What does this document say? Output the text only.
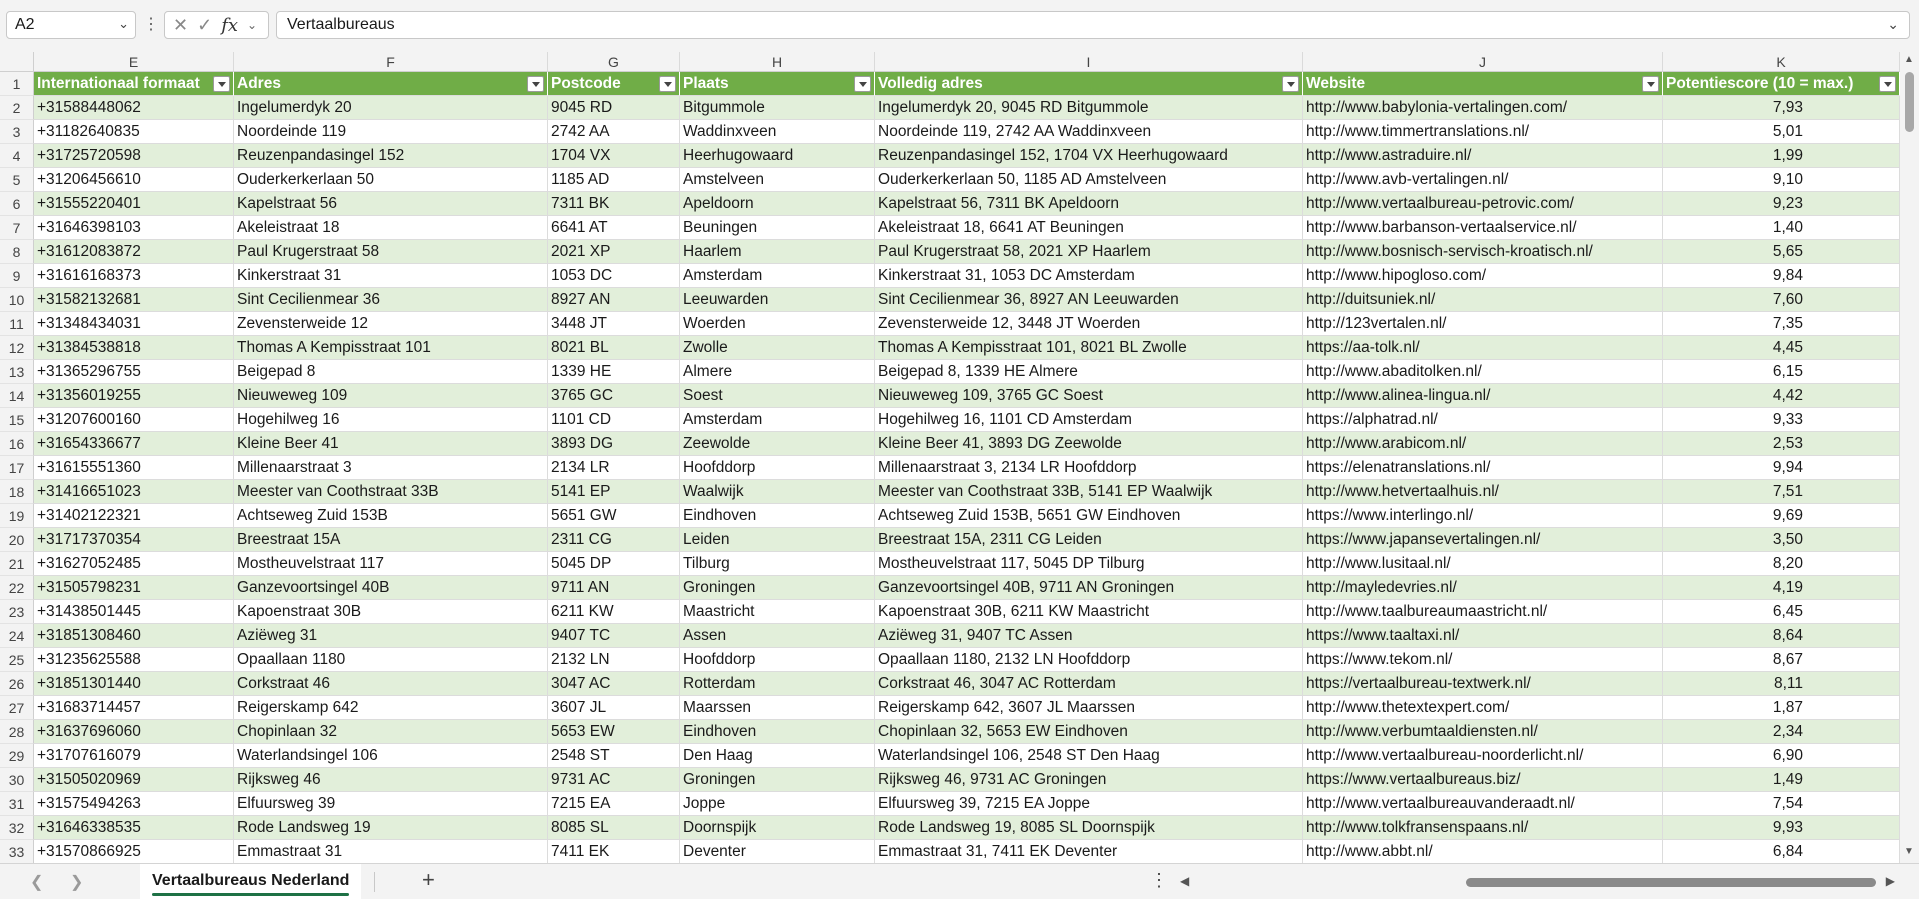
A2	⌄ ⋮ ✕ ✓ fx ⌄ Vertaalbureaus	⌄
E	F	G	H	I	J	K
1	Internationaal formaat	Adres	Postcode	Plaats	Volledig adres	Website	Potentiescore (10 = max.)
2	+31588448062	Ingelumerdyk 20	9045 RD	Bitgummole	Ingelumerdyk 20, 9045 RD Bitgummole	http://www.babylonia-vertalingen.com/	7,93
3	+31182640835	Noordeinde 119	2742 AA	Waddinxveen	Noordeinde 119, 2742 AA Waddinxveen	http://www.timmertranslations.nl/	5,01
4	+31725720598	Reuzenpandasingel 152	1704 VX	Heerhugowaard	Reuzenpandasingel 152, 1704 VX Heerhugowaard	http://www.astraduire.nl/	1,99
5	+31206456610	Ouderkerkerlaan 50	1185 AD	Amstelveen	Ouderkerkerlaan 50, 1185 AD Amstelveen	http://www.avb-vertalingen.nl/	9,10
6	+31555220401	Kapelstraat 56	7311 BK	Apeldoorn	Kapelstraat 56, 7311 BK Apeldoorn	http://www.vertaalbureau-petrovic.com/	9,23
7	+31646398103	Akeleistraat 18	6641 AT	Beuningen	Akeleistraat 18, 6641 AT Beuningen	http://www.barbanson-vertaalservice.nl/	1,40
8	+31612083872	Paul Krugerstraat 58	2021 XP	Haarlem	Paul Krugerstraat 58, 2021 XP Haarlem	http://www.bosnisch-servisch-kroatisch.nl/	5,65
9	+31616168373	Kinkerstraat 31	1053 DC	Amsterdam	Kinkerstraat 31, 1053 DC Amsterdam	http://www.hipogloso.com/	9,84
10 +31582132681	Sint Cecilienmear 36	8927 AN	Leeuwarden	Sint Cecilienmear 36, 8927 AN Leeuwarden	http://duitsuniek.nl/	7,60
11 +31348434031	Zevensterweide 12	3448 JT	Woerden	Zevensterweide 12, 3448 JT Woerden	http://123vertalen.nl/	7,35
12 +31384538818	Thomas A Kempisstraat 101	8021 BL	Zwolle	Thomas A Kempisstraat 101, 8021 BL Zwolle	https://aa-tolk.nl/	4,45
13 +31365296755	Beigepad 8	1339 HE	Almere	Beigepad 8, 1339 HE Almere	http://www.abaditolken.nl/	6,15
14 +31356019255	Nieuweweg 109	3765 GC	Soest	Nieuweweg 109, 3765 GC Soest	http://www.alinea-lingua.nl/	4,42
15 +31207600160	Hogehilweg 16	1101 CD	Amsterdam	Hogehilweg 16, 1101 CD Amsterdam	https://alphatrad.nl/	9,33
16 +31654336677	Kleine Beer 41	3893 DG	Zeewolde	Kleine Beer 41, 3893 DG Zeewolde	http://www.arabicom.nl/	2,53
17 +31615551360	Millenaarstraat 3	2134 LR	Hoofddorp	Millenaarstraat 3, 2134 LR Hoofddorp	https://elenatranslations.nl/	9,94
18 +31416651023	Meester van Coothstraat 33B	5141 EP	Waalwijk	Meester van Coothstraat 33B, 5141 EP Waalwijk	http://www.hetvertaalhuis.nl/	7,51
19 +31402122321	Achtseweg Zuid 153B	5651 GW	Eindhoven	Achtseweg Zuid 153B, 5651 GW Eindhoven	https://www.interlingo.nl/	9,69
20 +31717370354	Breestraat 15A	2311 CG	Leiden	Breestraat 15A, 2311 CG Leiden	https://www.japansevertalingen.nl/	3,50
21 +31627052485	Mostheuvelstraat 117	5045 DP	Tilburg	Mostheuvelstraat 117, 5045 DP Tilburg	http://www.lusitaal.nl/	8,20
22 +31505798231	Ganzevoortsingel 40B	9711 AN	Groningen	Ganzevoortsingel 40B, 9711 AN Groningen	http://mayledevries.nl/	4,19
23 +31438501445	Kapoenstraat 30B	6211 KW	Maastricht	Kapoenstraat 30B, 6211 KW Maastricht	http://www.taalbureaumaastricht.nl/	6,45
24 +31851308460	Aziëweg 31	9407 TC	Assen	Aziëweg 31, 9407 TC Assen	https://www.taaltaxi.nl/	8,64
25 +31235625588	Opaallaan 1180	2132 LN	Hoofddorp	Opaallaan 1180, 2132 LN Hoofddorp	https://www.tekom.nl/	8,67
26 +31851301440	Corkstraat 46	3047 AC	Rotterdam	Corkstraat 46, 3047 AC Rotterdam	https://vertaalbureau-textwerk.nl/	8,11
27 +31683714457	Reigerskamp 642	3607 JL	Maarssen	Reigerskamp 642, 3607 JL Maarssen	http://www.thetextexpert.com/	1,87
28 +31637696060	Chopinlaan 32	5653 EW	Eindhoven	Chopinlaan 32, 5653 EW Eindhoven	http://www.verbumtaaldiensten.nl/	2,34
29 +31707616079	Waterlandsingel 106	2548 ST	Den Haag	Waterlandsingel 106, 2548 ST Den Haag	http://www.vertaalbureau-noorderlicht.nl/	6,90
30 +31505020969	Rijksweg 46	9731 AC	Groningen	Rijksweg 46, 9731 AC Groningen	https://www.vertaalbureaus.biz/	1,49
31 +31575494263	Elfuursweg 39	7215 EA	Joppe	Elfuursweg 39, 7215 EA Joppe	http://www.vertaalbureauvanderaadt.nl/	7,54
32 +31646338535	Rode Landsweg 19	8085 SL	Doornspijk	Rode Landsweg 19, 8085 SL Doornspijk	http://www.tolkfransenspaans.nl/	9,93
33 +31570866925	Emmastraat 31	7411 EK	Deventer	Emmastraat 31, 7411 EK Deventer	http://www.abbt.nl/	6,84
▲
▼
❮ ❯	Vertaalbureaus Nederland	+	⋮ ◀	▶
